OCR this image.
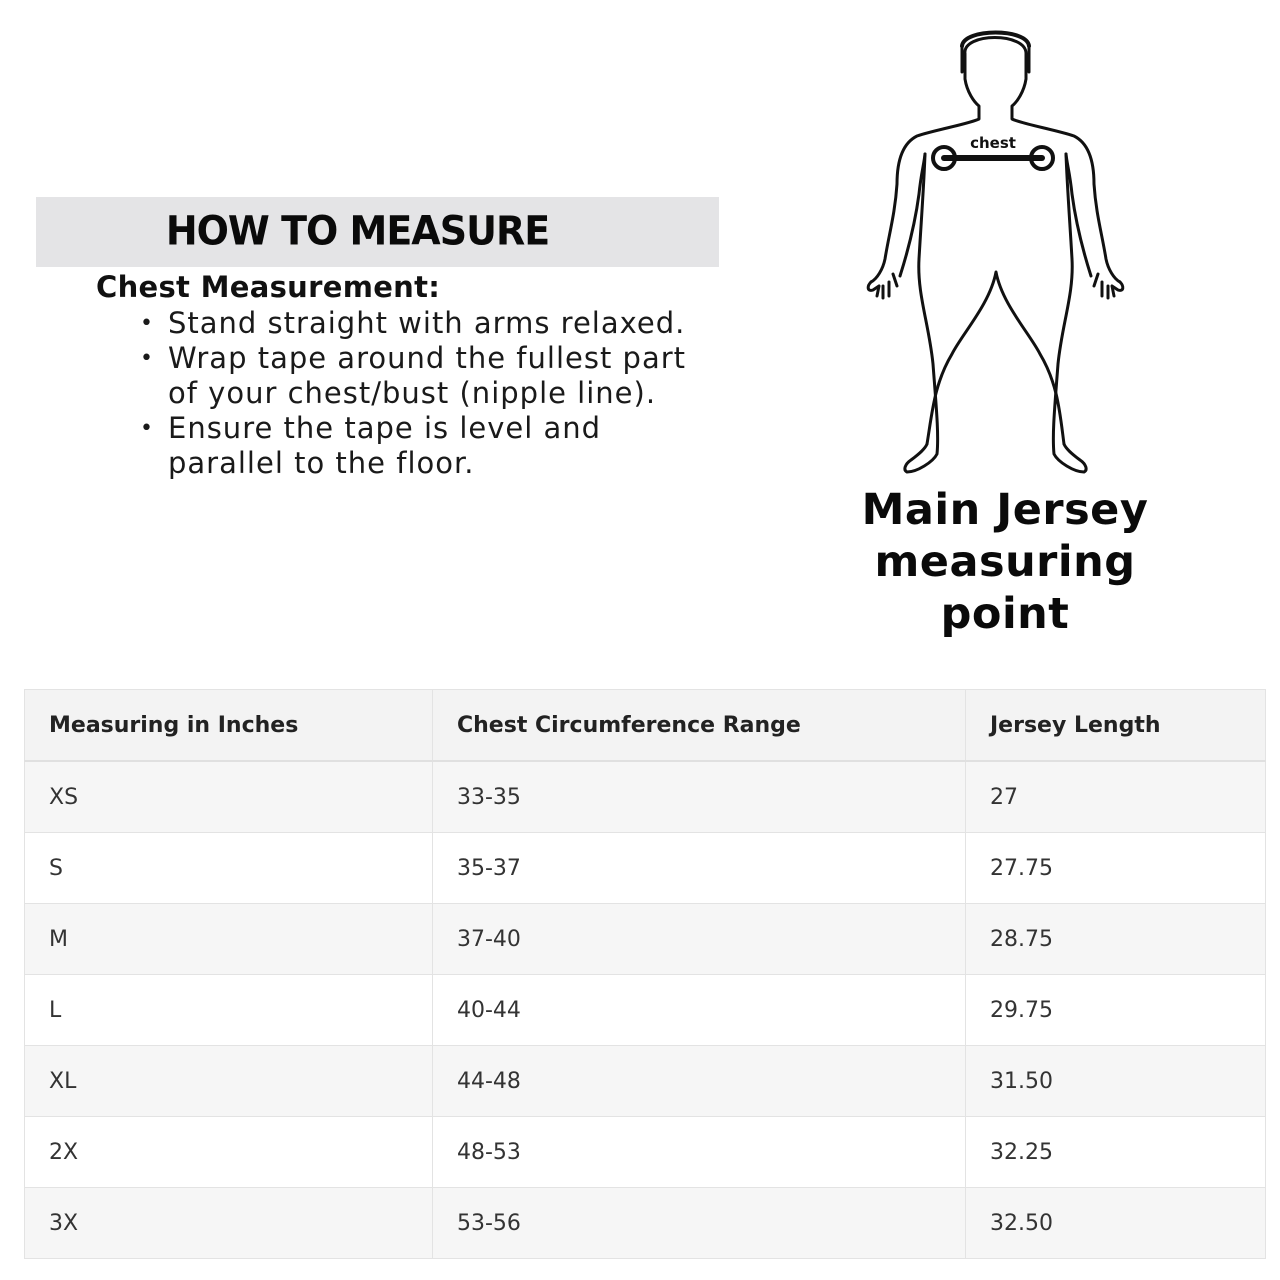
HOW TO MEASURE
Chest Measurement:
• Stand straight with arms relaxed.
• Wrap tape around the fullest part of your chest/bust (nipple line).
• Ensure the tape is level and parallel to the floor.
chest
Main Jersey
measuring
point
Measuring in Inches	Chest Circumference Range	Jersey Length
XS	33-35	27
S	35-37	27.75
M	37-40	28.75
L	40-44	29.75
XL	44-48	31.50
2X	48-53	32.25
3X	53-56	32.50
